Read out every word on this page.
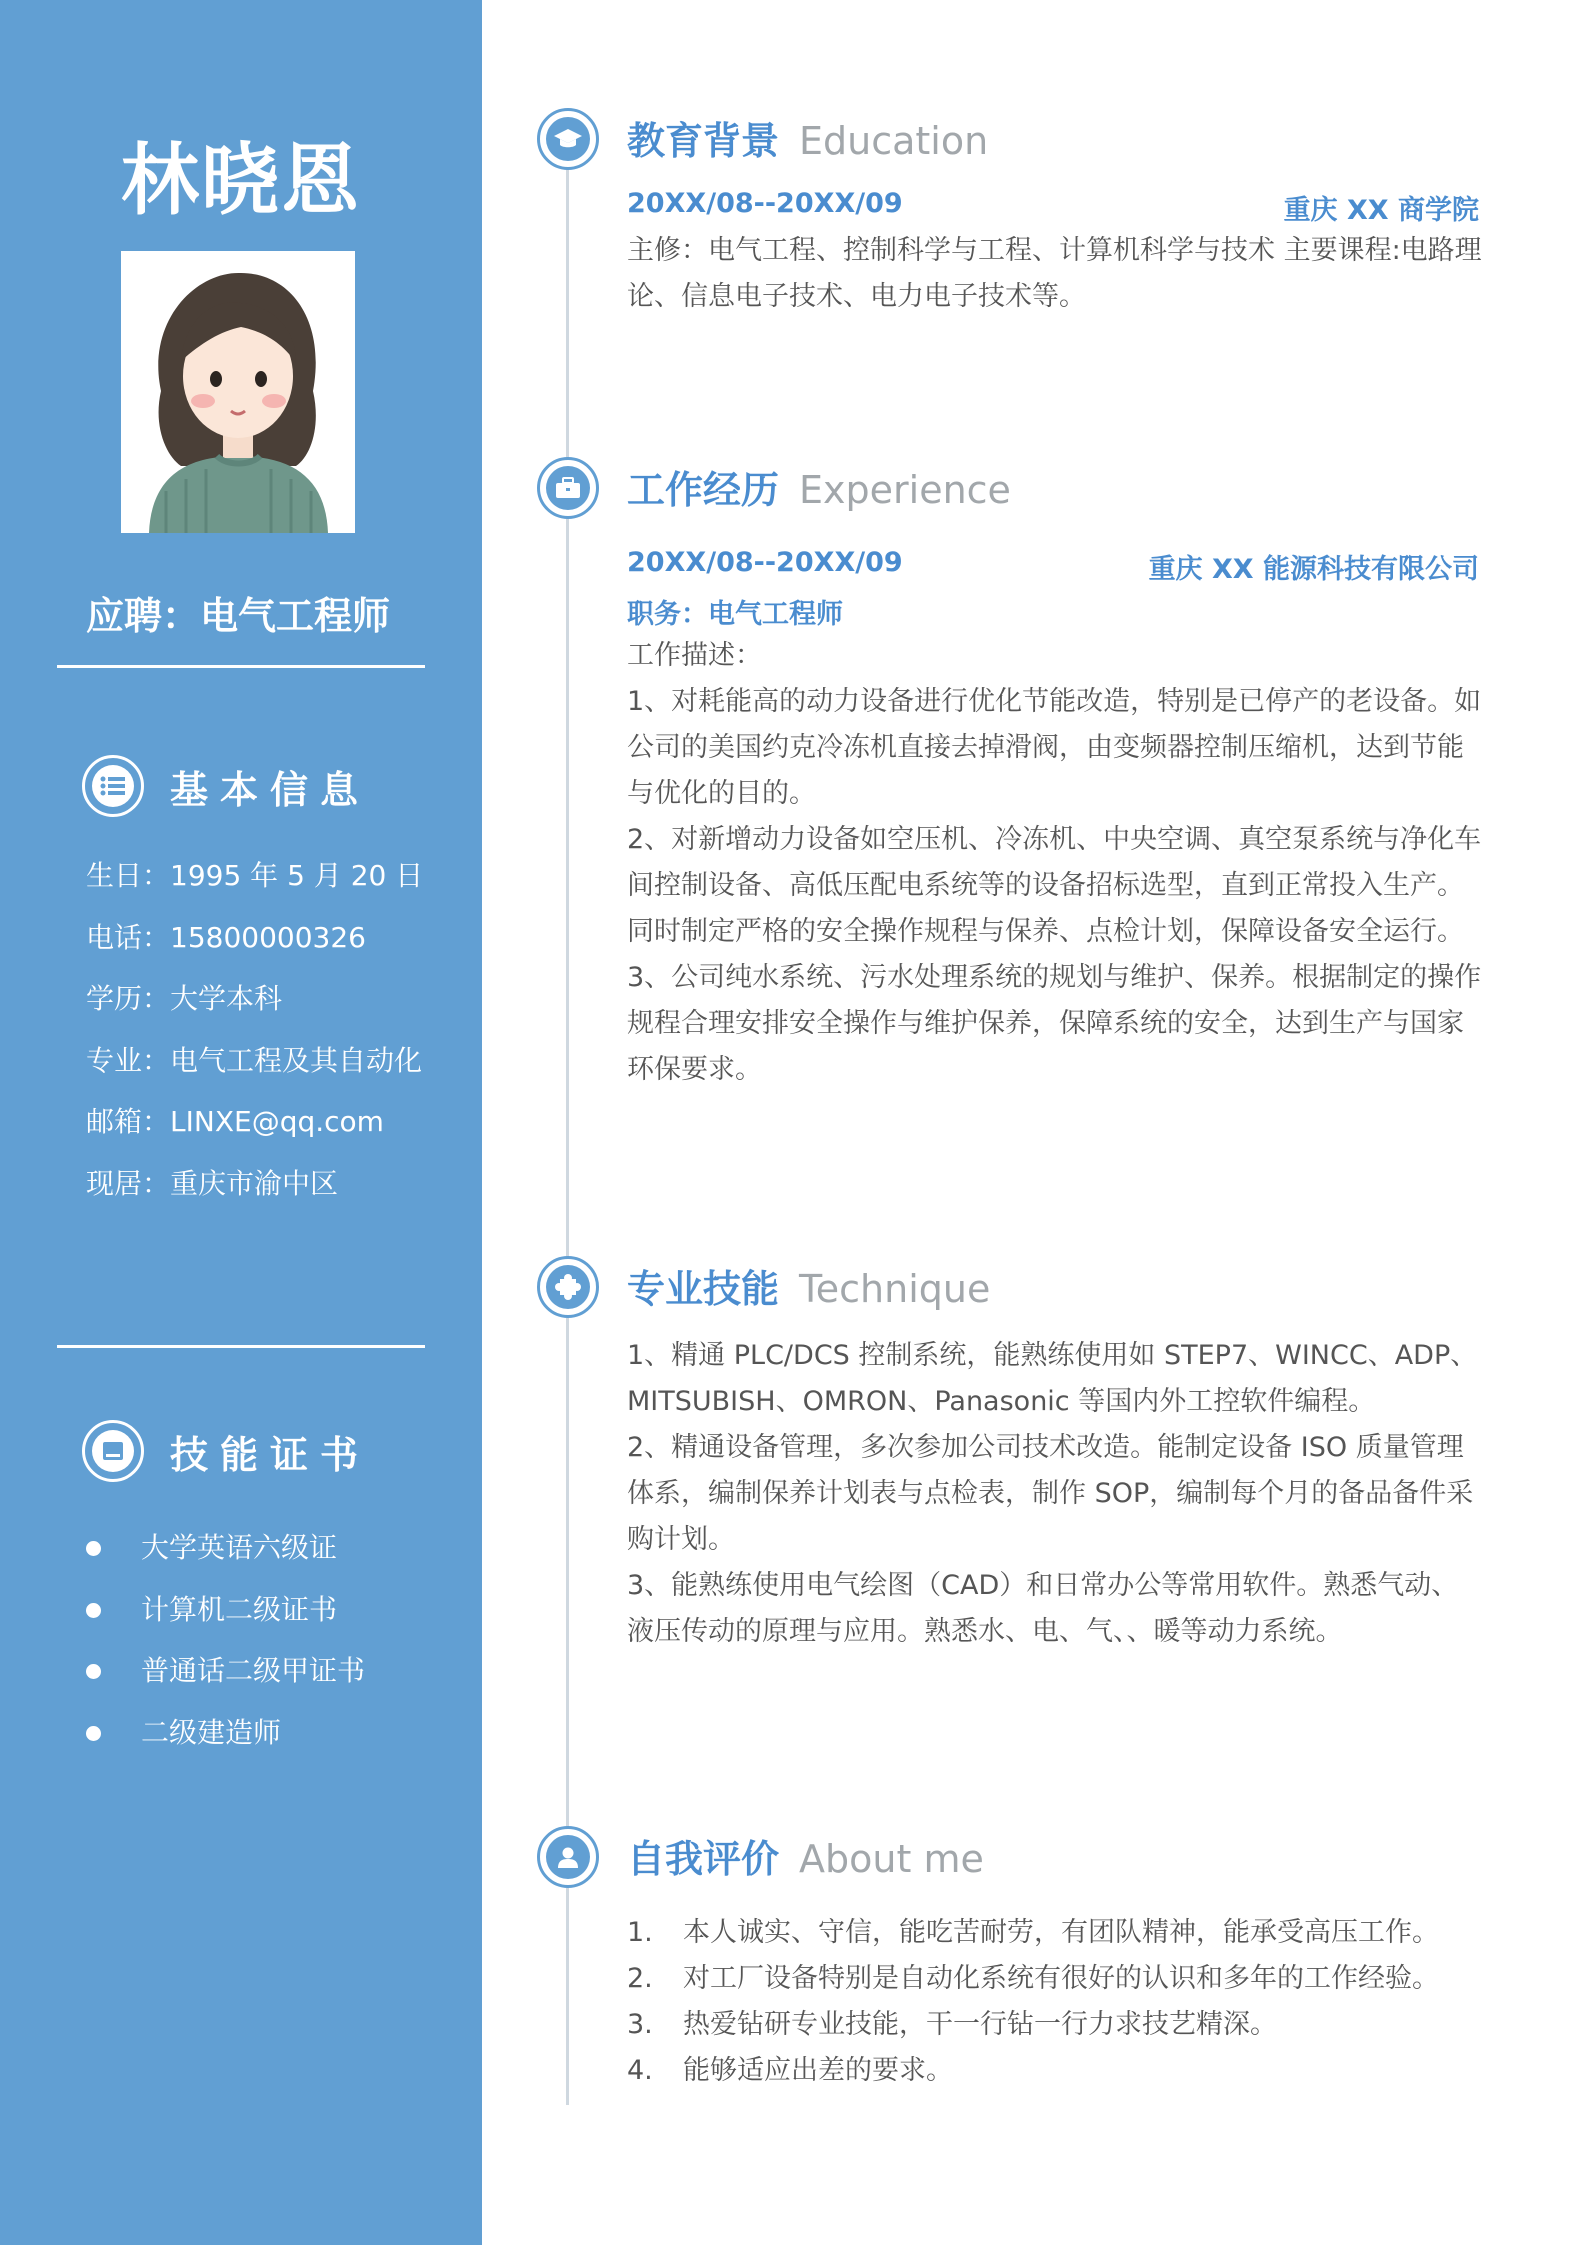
林晓恩
应聘：电气工程师
基本信息
生日：1995 年 5 月 20 日
电话：15800000326
学历：大学本科
专业：电气工程及其自动化
邮箱：LINXE@qq.com
现居：重庆市渝中区
技能证书
大学英语六级证
计算机二级证书
普通话二级甲证书
二级建造师
教育背景 Education
20XX/08--20XX/09	重庆 XX 商学院

主修：电气工程、控制科学与工程、计算机科学与技术 主要课程:电路理论、信息电子技术、电力电子技术等。

工作经历 Experience
20XX/08--20XX/09	重庆 XX 能源科技有限公司
职务：电气工程师

工作描述：

1、对耗能高的动力设备进行优化节能改造，特别是已停产的老设备。如公司的美国约克冷冻机直接去掉滑阀，由变频器控制压缩机，达到节能与优化的目的。

2、对新增动力设备如空压机、冷冻机、中央空调、真空泵系统与净化车间控制设备、高低压配电系统等的设备招标选型，直到正常投入生产。同时制定严格的安全操作规程与保养、点检计划，保障设备安全运行。

3、公司纯水系统、污水处理系统的规划与维护、保养。根据制定的操作规程合理安排安全操作与维护保养，保障系统的安全，达到生产与国家环保要求。

专业技能 Technique

1、精通 PLC/DCS 控制系统，能熟练使用如 STEP7、WINCC、ADP、MITSUBISH、OMRON、Panasonic 等国内外工控软件编程。

2、精通设备管理，多次参加公司技术改造。能制定设备 ISO 质量管理体系，编制保养计划表与点检表，制作 SOP，编制每个月的备品备件采购计划。

3、能熟练使用电气绘图（CAD）和日常办公等常用软件。熟悉气动、液压传动的原理与应用。熟悉水、电、气、、暖等动力系统。

自我评价 About me
1.	本人诚实、守信，能吃苦耐劳，有团队精神，能承受高压工作。
2.	对工厂设备特别是自动化系统有很好的认识和多年的工作经验。
3.	热爱钻研专业技能，干一行钻一行力求技艺精深。
4.	能够适应出差的要求。
